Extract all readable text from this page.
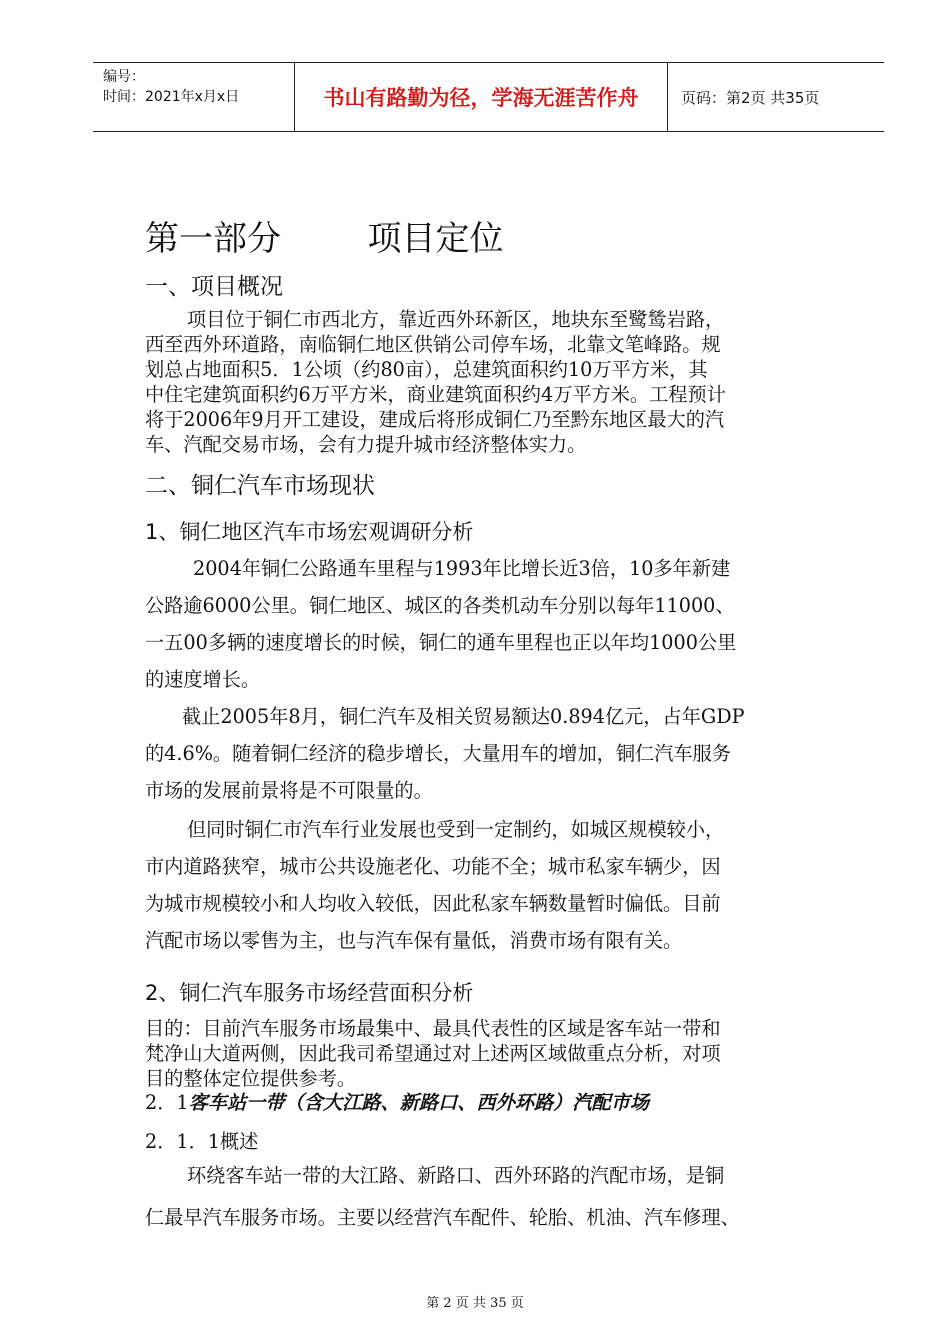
编号：
时间：2021年x月x日	书山有路勤为径，学海无涯苦作舟	页码：第2页 共35页
第一部分        项目定位
一、项目概况
项目位于铜仁市西北方，靠近西外环新区，地块东至鹭鸶岩路，
西至西外环道路，南临铜仁地区供销公司停车场，北靠文笔峰路。规
划总占地面积5．1公顷（约80亩），总建筑面积约10万平方米，其
中住宅建筑面积约6万平方米，商业建筑面积约4万平方米。工程预计
将于2006年9月开工建设，建成后将形成铜仁乃至黔东地区最大的汽
车、汽配交易市场，会有力提升城市经济整体实力。
二、铜仁汽车市场现状
1、铜仁地区汽车市场宏观调研分析
2004年铜仁公路通车里程与1993年比增长近3倍，10多年新建
公路逾6000公里。铜仁地区、城区的各类机动车分别以每年11000、
一五00多辆的速度增长的时候，铜仁的通车里程也正以年均1000公里
的速度增长。
截止2005年8月，铜仁汽车及相关贸易额达0.894亿元，占年GDP
的4.6%。随着铜仁经济的稳步增长，大量用车的增加，铜仁汽车服务
市场的发展前景将是不可限量的。
但同时铜仁市汽车行业发展也受到一定制约，如城区规模较小，
市内道路狭窄，城市公共设施老化、功能不全；城市私家车辆少，因
为城市规模较小和人均收入较低，因此私家车辆数量暂时偏低。目前
汽配市场以零售为主，也与汽车保有量低，消费市场有限有关。
2、铜仁汽车服务市场经营面积分析
目的：目前汽车服务市场最集中、最具代表性的区域是客车站一带和
梵净山大道两侧，因此我司希望通过对上述两区域做重点分析，对项
目的整体定位提供参考。
2．1客车站一带（含大江路、新路口、西外环路）汽配市场
2．1．1概述
环绕客车站一带的大江路、新路口、西外环路的汽配市场，是铜
仁最早汽车服务市场。主要以经营汽车配件、轮胎、机油、汽车修理、
第 2 页 共 35 页
